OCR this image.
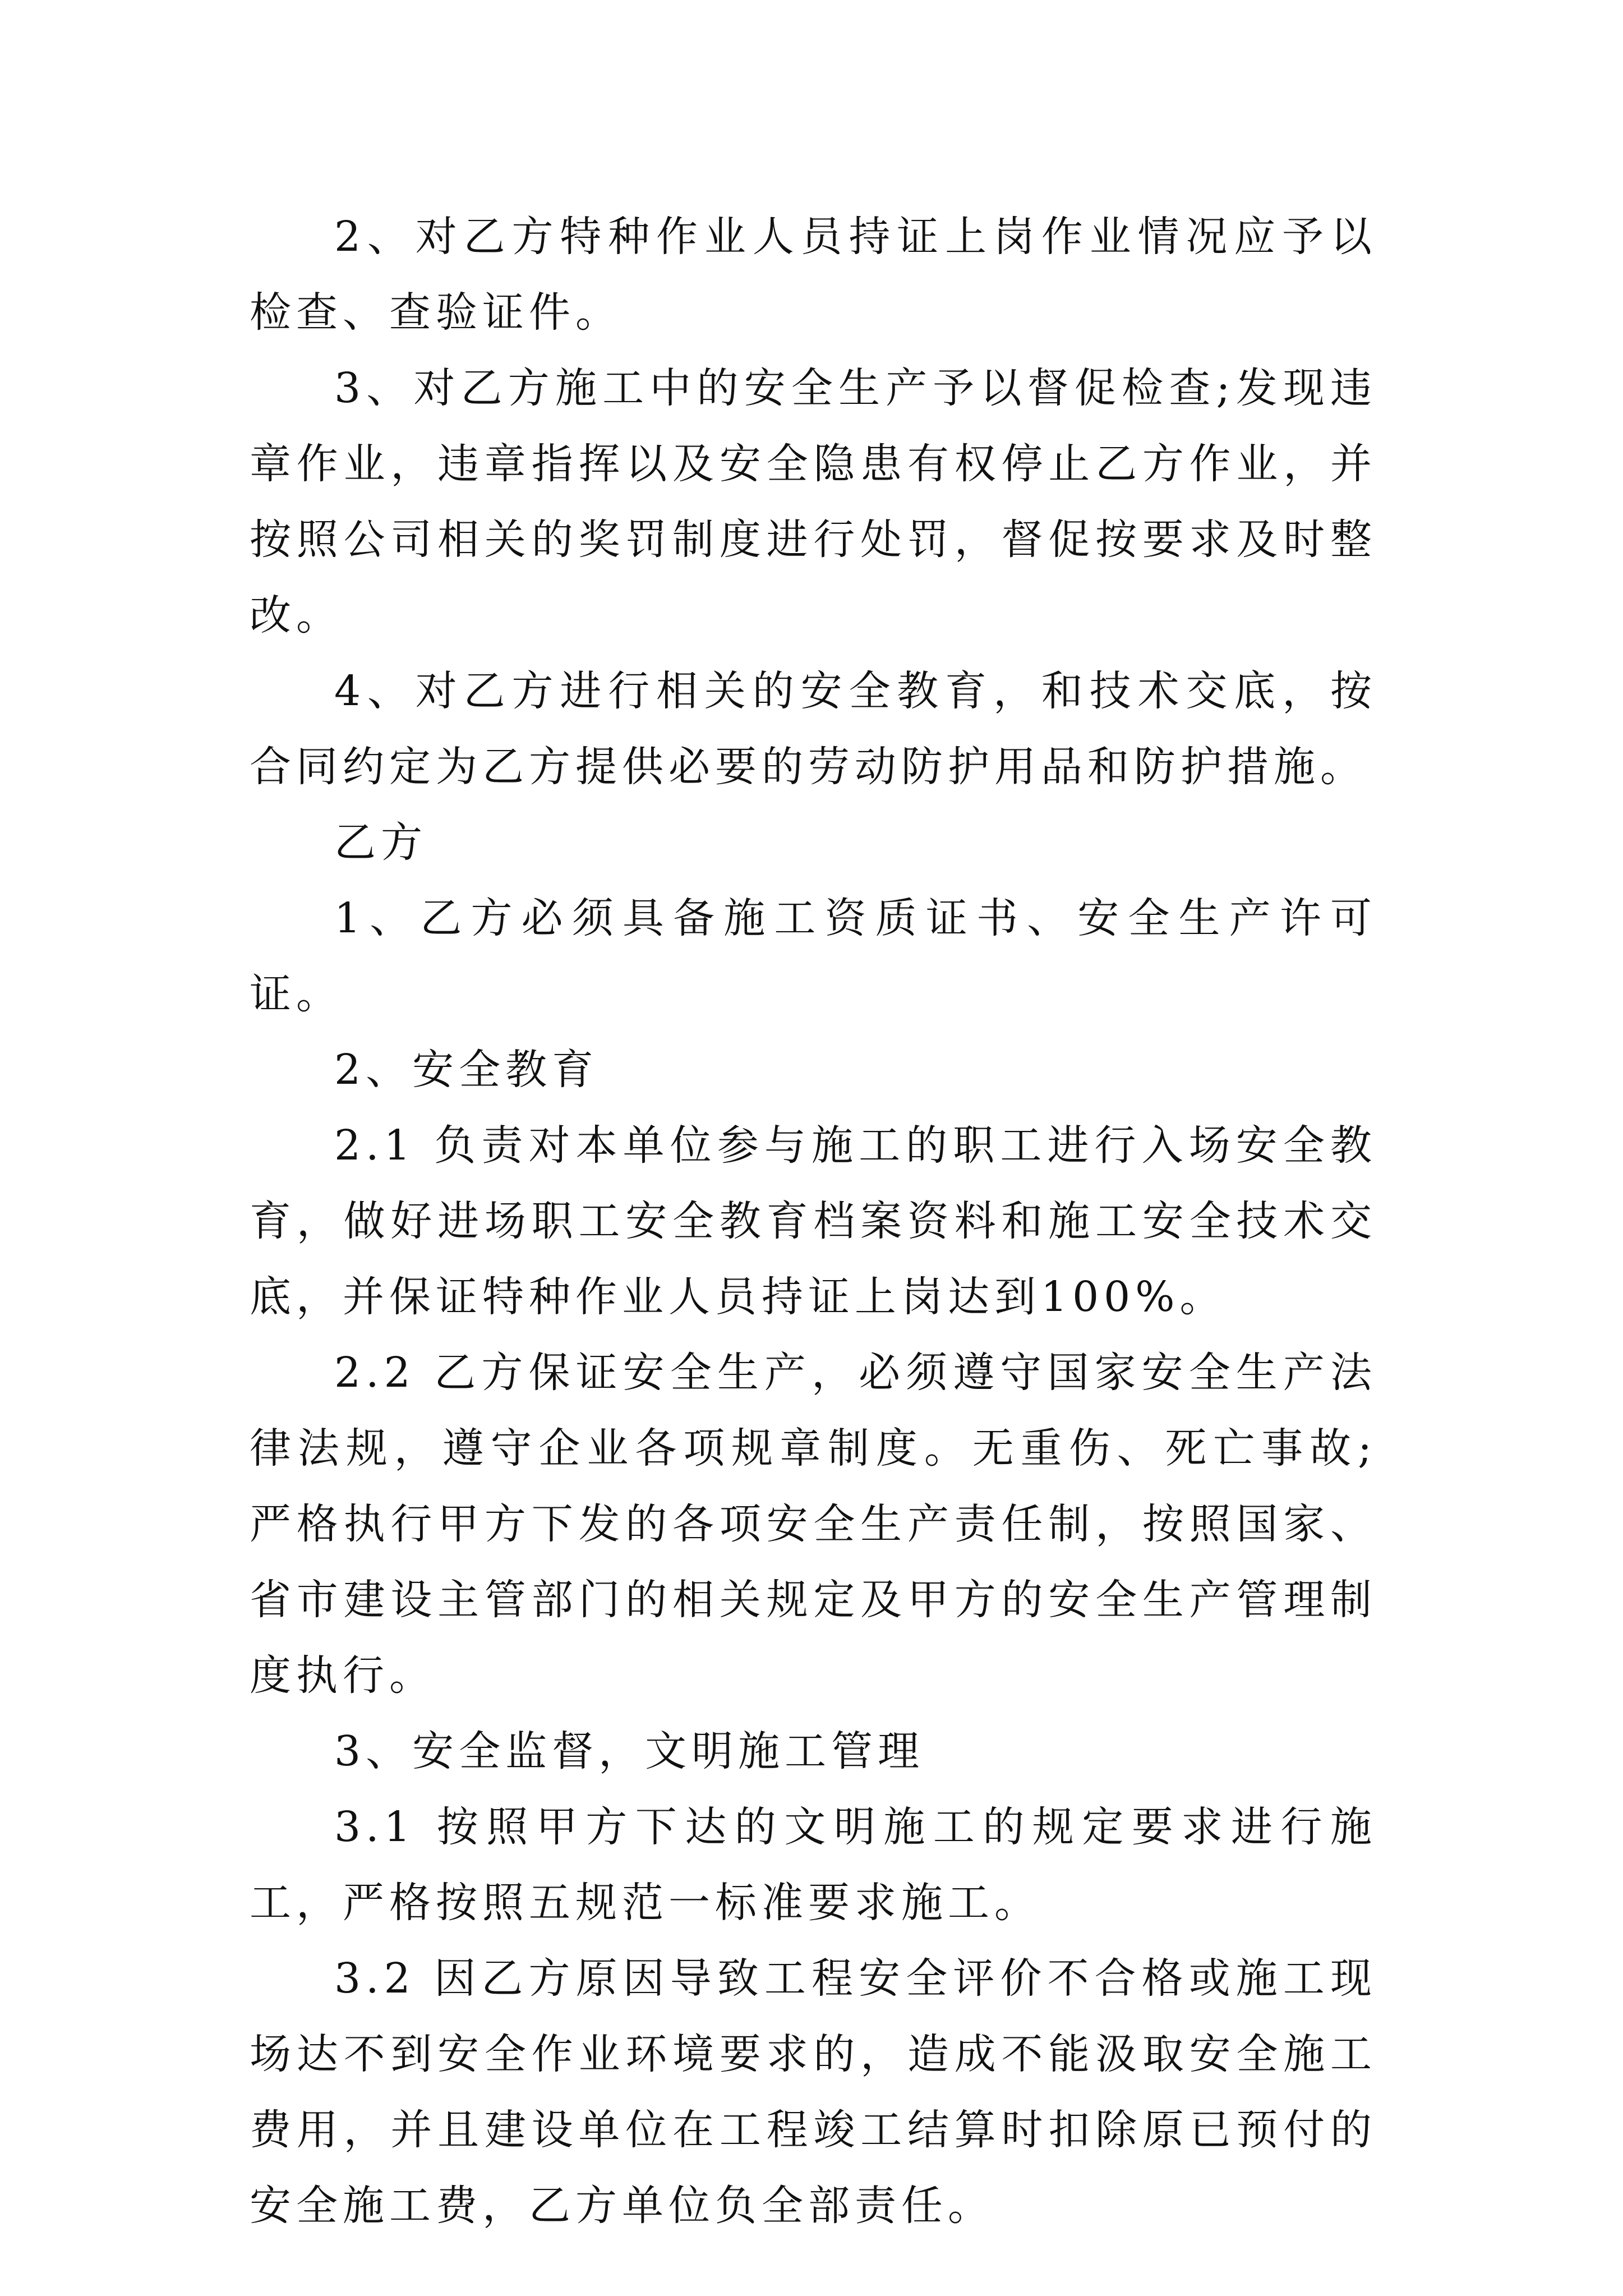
2、对乙方特种作业人员持证上岗作业情况应予以检查、查验证件。

3、对乙方施工中的安全生产予以督促检查;发现违章作业，违章指挥以及安全隐患有权停止乙方作业，并按照公司相关的奖罚制度进行处罚，督促按要求及时整改。

4、对乙方进行相关的安全教育，和技术交底，按合同约定为乙方提供必要的劳动防护用品和防护措施。

乙方

1、乙方必须具备施工资质证书、安全生产许可证。

2、安全教育

2.1 负责对本单位参与施工的职工进行入场安全教育，做好进场职工安全教育档案资料和施工安全技术交底，并保证特种作业人员持证上岗达到100%。

2.2 乙方保证安全生产，必须遵守国家安全生产法律法规，遵守企业各项规章制度。无重伤、死亡事故;严格执行甲方下发的各项安全生产责任制，按照国家、省市建设主管部门的相关规定及甲方的安全生产管理制度执行。

3、安全监督，文明施工管理

3.1 按照甲方下达的文明施工的规定要求进行施工，严格按照五规范一标准要求施工。

3.2 因乙方原因导致工程安全评价不合格或施工现场达不到安全作业环境要求的，造成不能汲取安全施工费用，并且建设单位在工程竣工结算时扣除原已预付的安全施工费，乙方单位负全部责任。
